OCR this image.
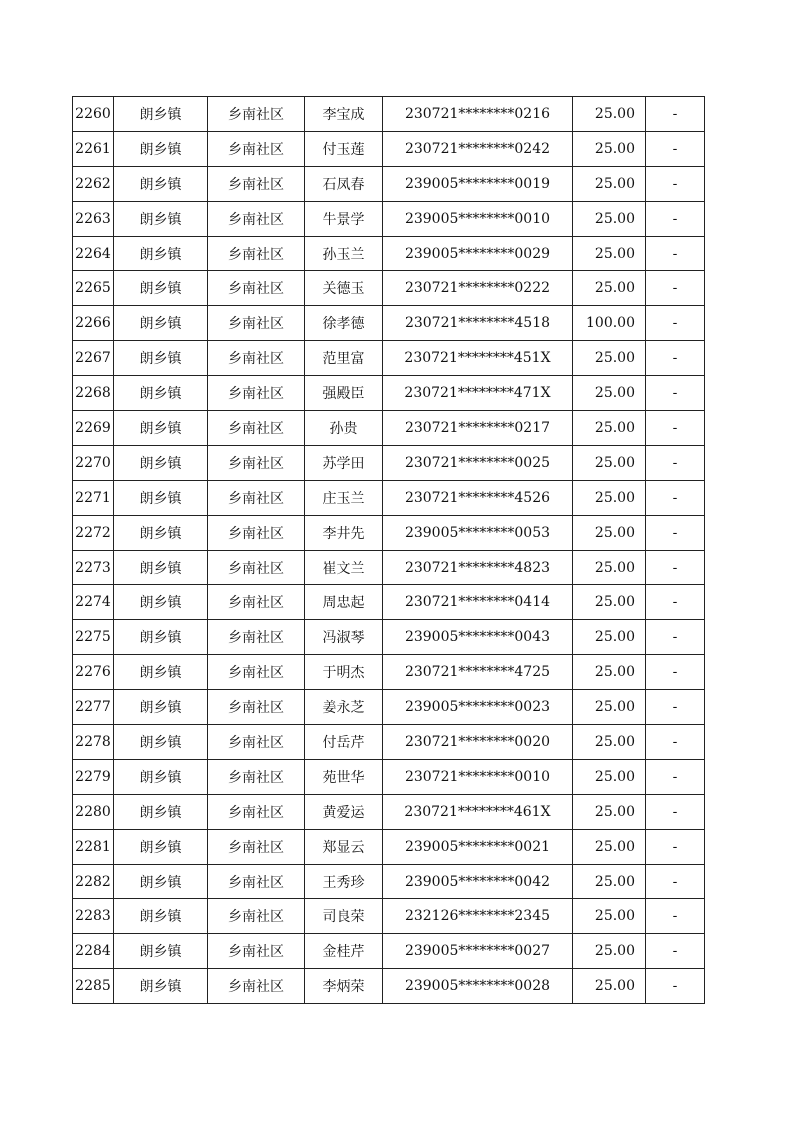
2260	朗乡镇	乡南社区	李宝成	230721********0216	25.00	-
2261	朗乡镇	乡南社区	付玉莲	230721********0242	25.00	-
2262	朗乡镇	乡南社区	石凤春	239005********0019	25.00	-
2263	朗乡镇	乡南社区	牛景学	239005********0010	25.00	-
2264	朗乡镇	乡南社区	孙玉兰	239005********0029	25.00	-
2265	朗乡镇	乡南社区	关德玉	230721********0222	25.00	-
2266	朗乡镇	乡南社区	徐孝德	230721********4518	100.00	-
2267	朗乡镇	乡南社区	范里富	230721********451X	25.00	-
2268	朗乡镇	乡南社区	强殿臣	230721********471X	25.00	-
2269	朗乡镇	乡南社区	孙贵	230721********0217	25.00	-
2270	朗乡镇	乡南社区	苏学田	230721********0025	25.00	-
2271	朗乡镇	乡南社区	庄玉兰	230721********4526	25.00	-
2272	朗乡镇	乡南社区	李井先	239005********0053	25.00	-
2273	朗乡镇	乡南社区	崔文兰	230721********4823	25.00	-
2274	朗乡镇	乡南社区	周忠起	230721********0414	25.00	-
2275	朗乡镇	乡南社区	冯淑琴	239005********0043	25.00	-
2276	朗乡镇	乡南社区	于明杰	230721********4725	25.00	-
2277	朗乡镇	乡南社区	姜永芝	239005********0023	25.00	-
2278	朗乡镇	乡南社区	付岳芹	230721********0020	25.00	-
2279	朗乡镇	乡南社区	苑世华	230721********0010	25.00	-
2280	朗乡镇	乡南社区	黄爱运	230721********461X	25.00	-
2281	朗乡镇	乡南社区	郑显云	239005********0021	25.00	-
2282	朗乡镇	乡南社区	王秀珍	239005********0042	25.00	-
2283	朗乡镇	乡南社区	司良荣	232126********2345	25.00	-
2284	朗乡镇	乡南社区	金桂芹	239005********0027	25.00	-
2285	朗乡镇	乡南社区	李炳荣	239005********0028	25.00	-
